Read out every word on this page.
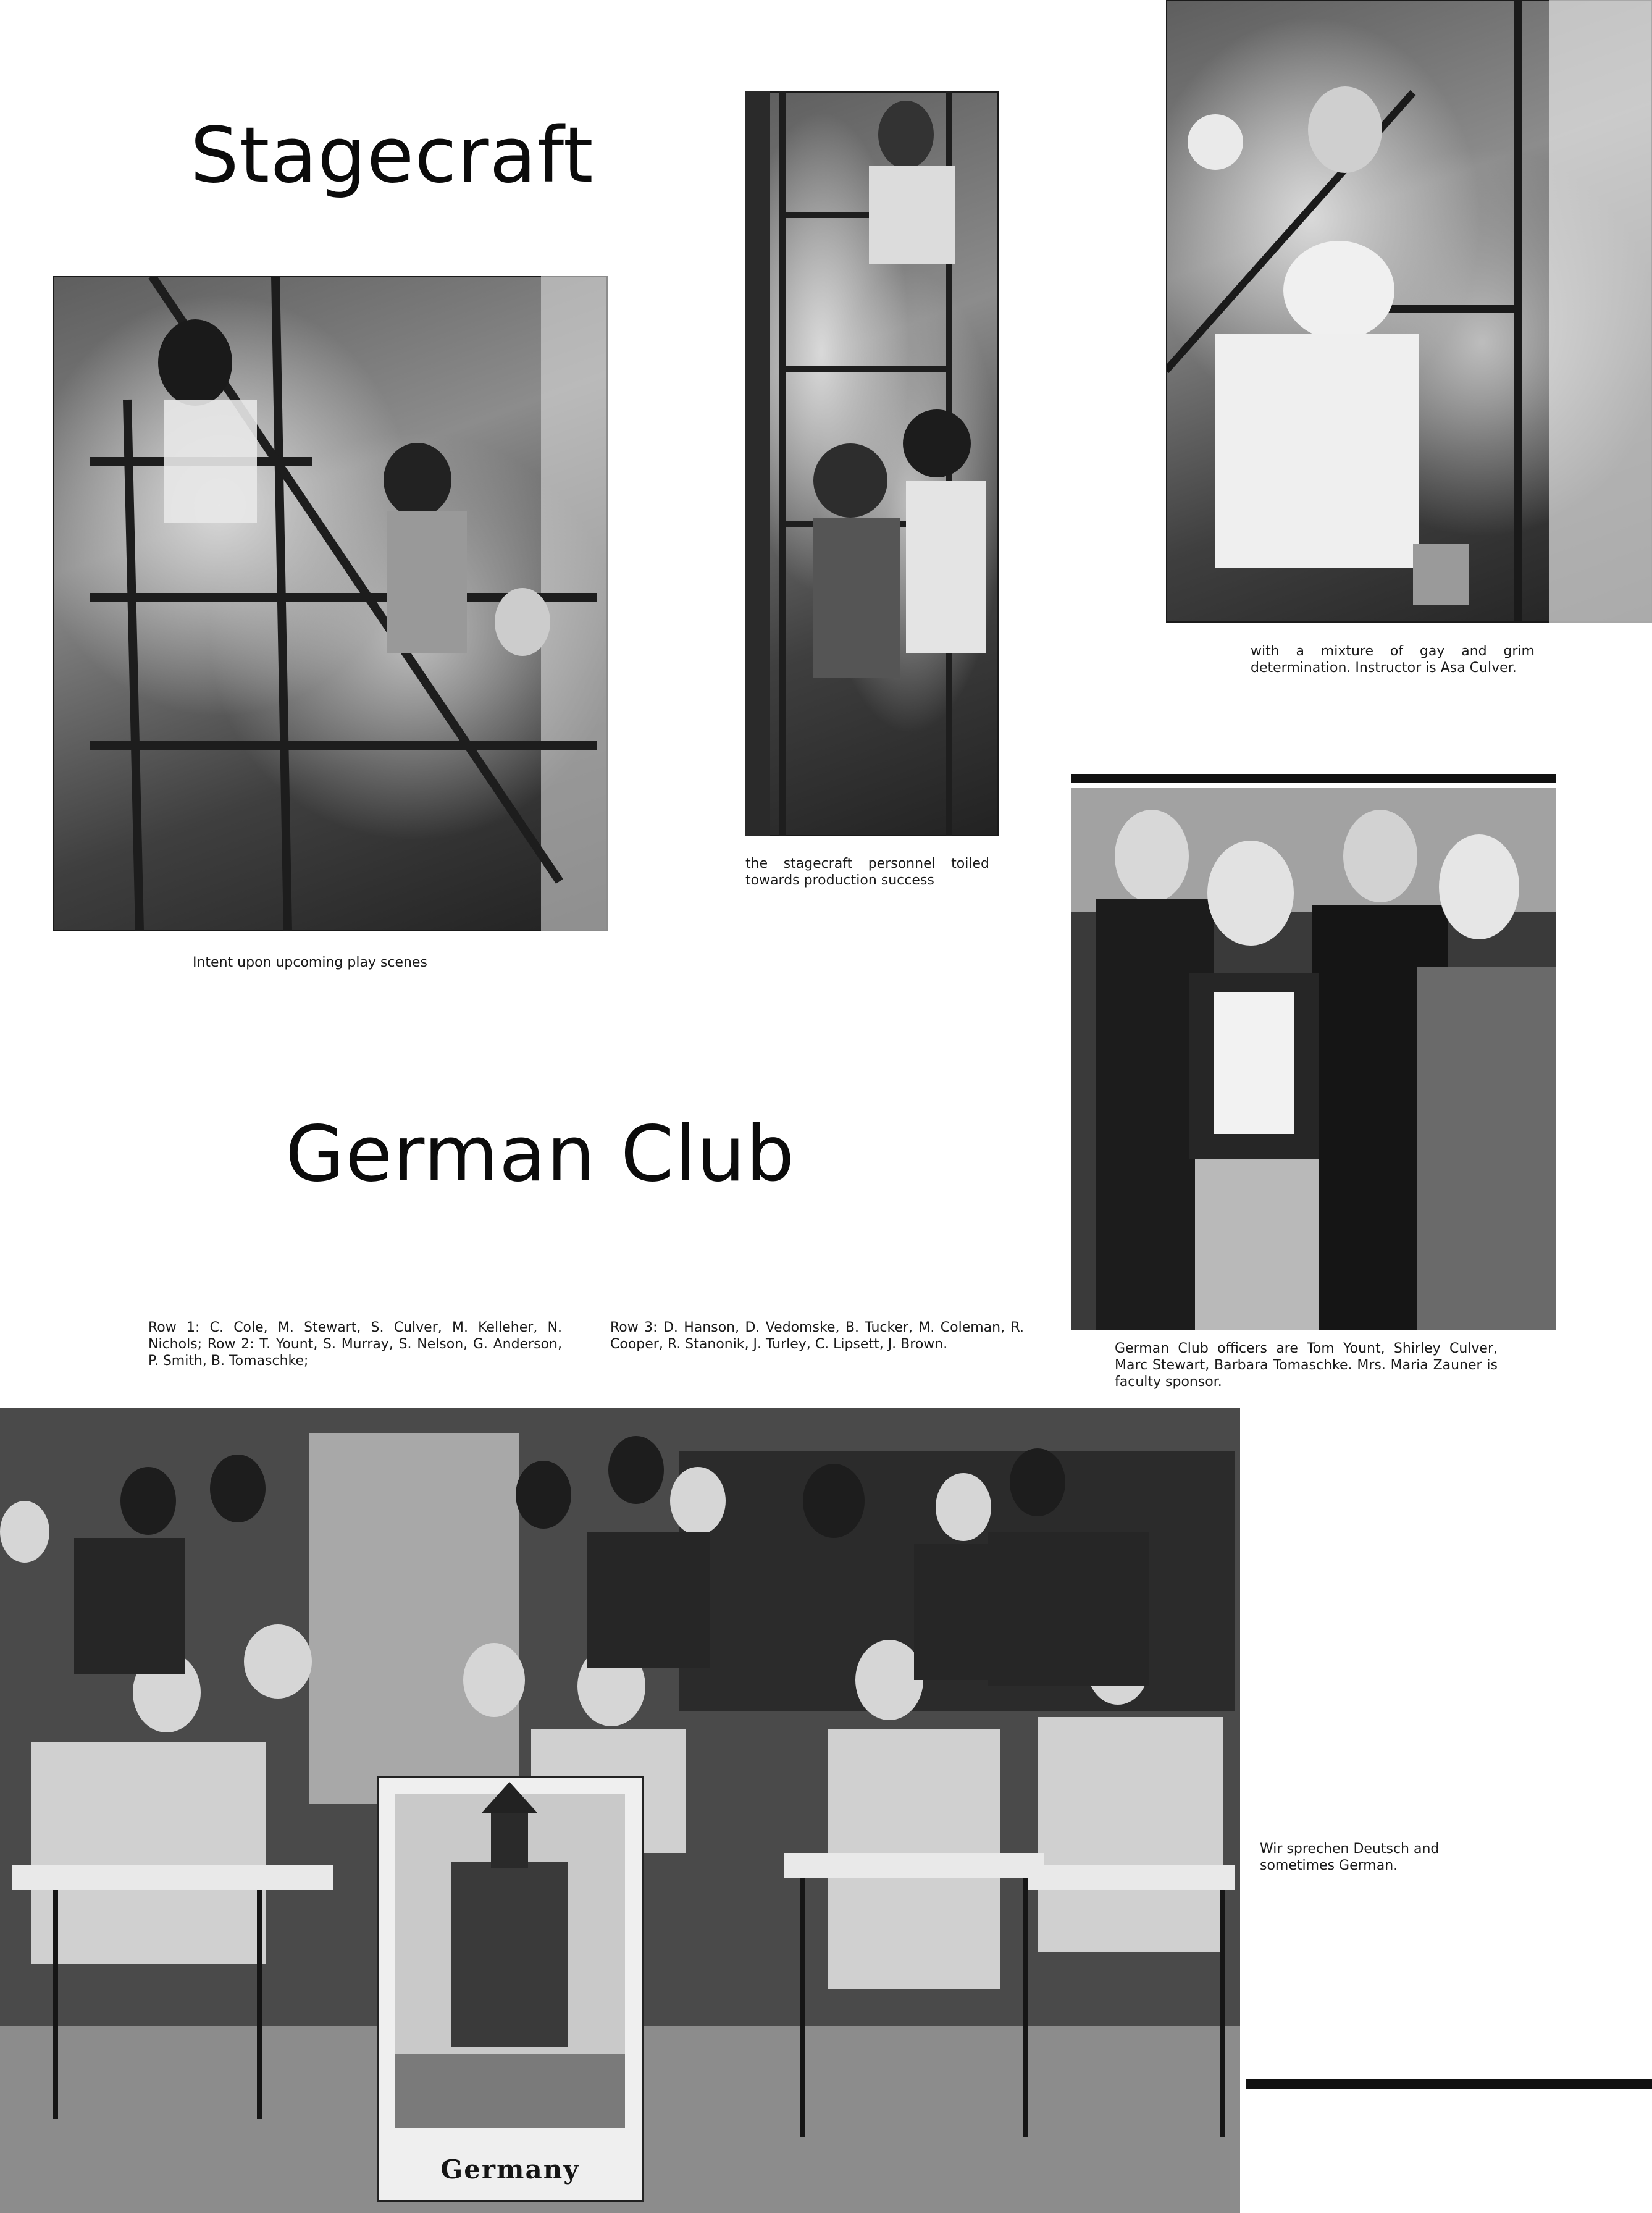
Stagecraft
Intent upon upcoming play scenes
the stagecraft personnel toiled towards production success
with a mixture of gay and grim determination. Instructor is Asa Culver.
German Club
German Club officers are Tom Yount, Shirley Culver, Marc Stewart, Barbara Tomaschke. Mrs. Maria Zauner is faculty sponsor.
Row 1: C. Cole, M. Stewart, S. Culver, M. Kelleher, N. Nichols; Row 2: T. Yount, S. Murray, S. Nelson, G. Anderson, P. Smith, B. Tomaschke;
Row 3: D. Hanson, D. Vedomske, B. Tucker, M. Coleman, R. Cooper, R. Stanonik, J. Turley, C. Lipsett, J. Brown.
Germany
Wir sprechen Deutsch and sometimes German.
